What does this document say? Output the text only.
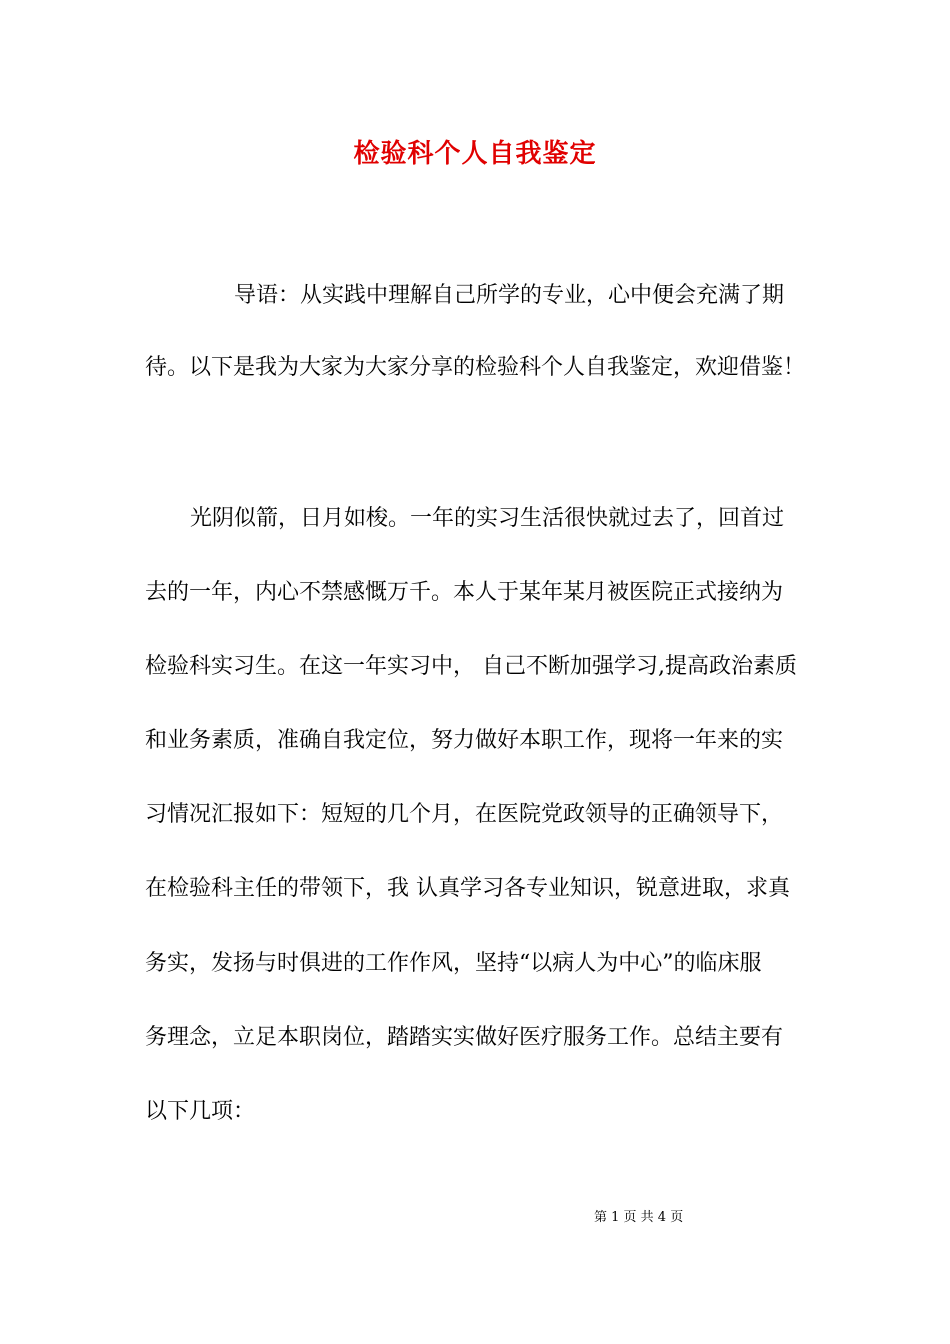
检验科个人自我鉴定
导语：从实践中理解自己所学的专业，心中便会充满了期
待。以下是我为大家为大家分享的检验科个人自我鉴定，欢迎借鉴！
光阴似箭，日月如梭。一年的实习生活很快就过去了，回首过
去的一年，内心不禁感慨万千。本人于某年某月被医院正式接纳为
检验科实习生。在这一年实习中， 自己不断加强学习,提高政治素质
和业务素质，准确自我定位，努力做好本职工作，现将一年来的实
习情况汇报如下：短短的几个月，在医院党政领导的正确领导下，
在检验科主任的带领下，我 认真学习各专业知识，锐意进取，求真
务实，发扬与时俱进的工作作风，坚持“以病人为中心”的临床服
务理念，立足本职岗位，踏踏实实做好医疗服务工作。总结主要有
以下几项：
第 1 页 共 4 页
